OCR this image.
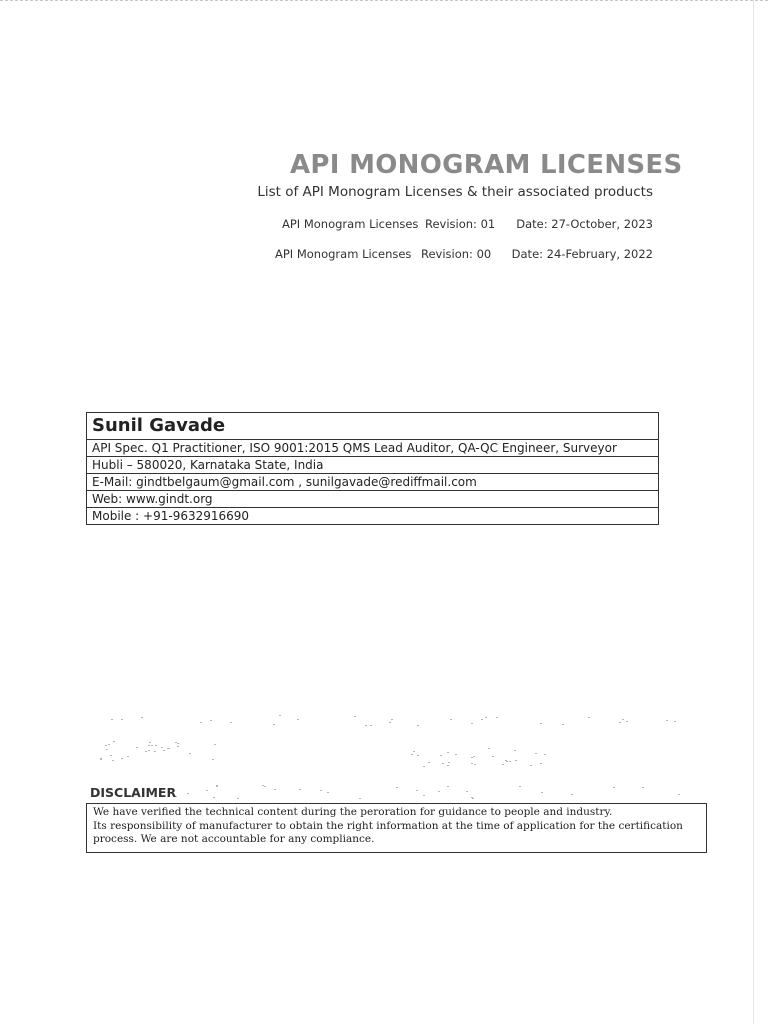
API MONOGRAM LICENSES
List of API Monogram Licenses & their associated products
API Monogram Licenses Revision: 01 Date: 27-October, 2023
API Monogram Licenses Revision: 00 Date: 24-February, 2022
Sunil Gavade
API Spec. Q1 Practitioner, ISO 9001:2015 QMS Lead Auditor, QA-QC Engineer, Surveyor
Hubli – 580020, Karnataka State, India
E-Mail: gindtbelgaum@gmail.com , sunilgavade@rediffmail.com
Web: www.gindt.org
Mobile : +91-9632916690
DISCLAIMER
We have verified the technical content during the peroration for guidance to people and industry.
Its responsibility of manufacturer to obtain the right information at the time of application for the certification
process. We are not accountable for any compliance.
